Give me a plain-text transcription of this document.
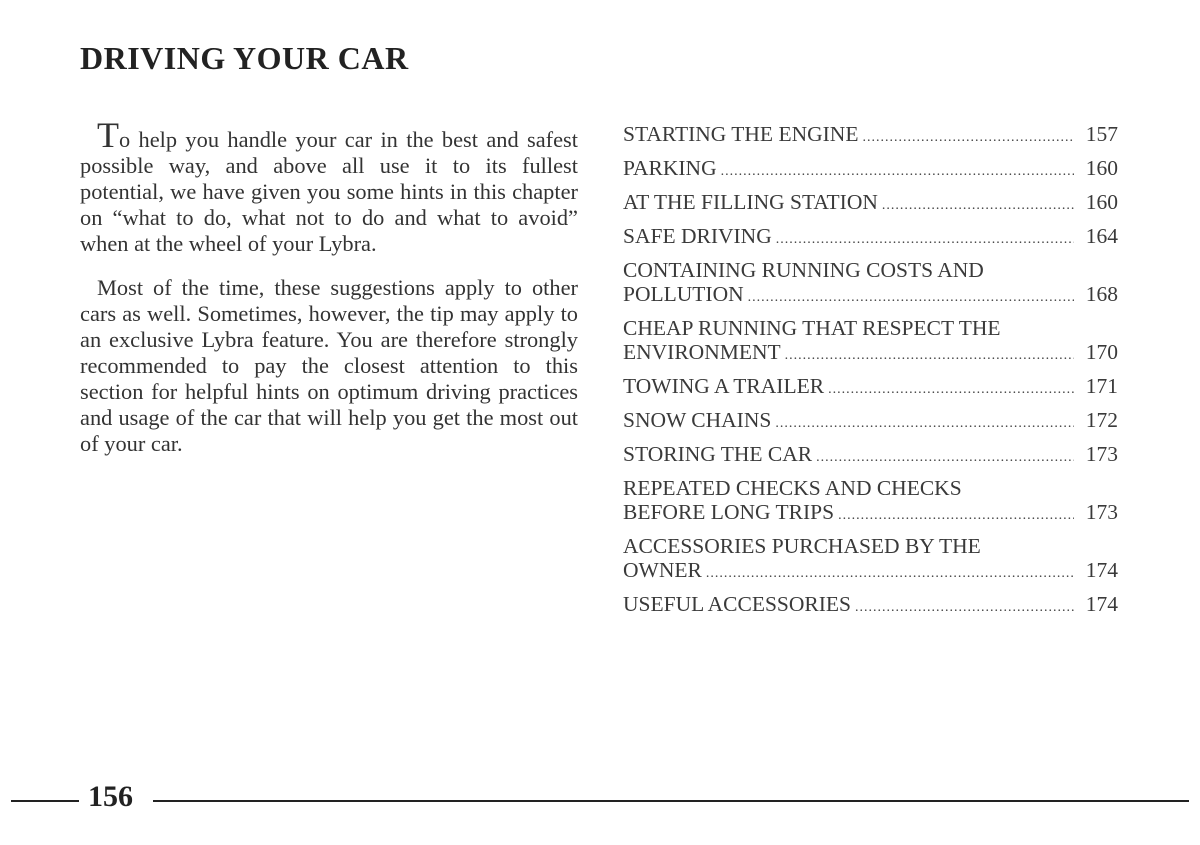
DRIVING YOUR CAR

To help you handle your car in the best and safest possible way, and above all use it to its fullest potential, we have given you some hints in this chapter on “what to do, what not to do and what to avoid” when at the wheel of your Lybra.

Most of the time, these suggestions apply to other cars as well. Sometimes, however, the tip may apply to an exclusive Lybra feature. You are therefore strongly recommended to pay the closest attention to this section for helpful hints on optimum driving practices and usage of the car that will help you get the most out of your car.

STARTING THE ENGINE .....	157
PARKING .....	160
AT THE FILLING STATION .....	160
SAFE DRIVING .....	164
CONTAINING RUNNING COSTS AND
POLLUTION .....	168
CHEAP RUNNING THAT RESPECT THE
ENVIRONMENT .....	170
TOWING A TRAILER .....	171
SNOW CHAINS .....	172
STORING THE CAR .....	173
REPEATED CHECKS AND CHECKS
BEFORE LONG TRIPS .....	173
ACCESSORIES PURCHASED BY THE
OWNER .....	174
USEFUL ACCESSORIES .....	174
156
